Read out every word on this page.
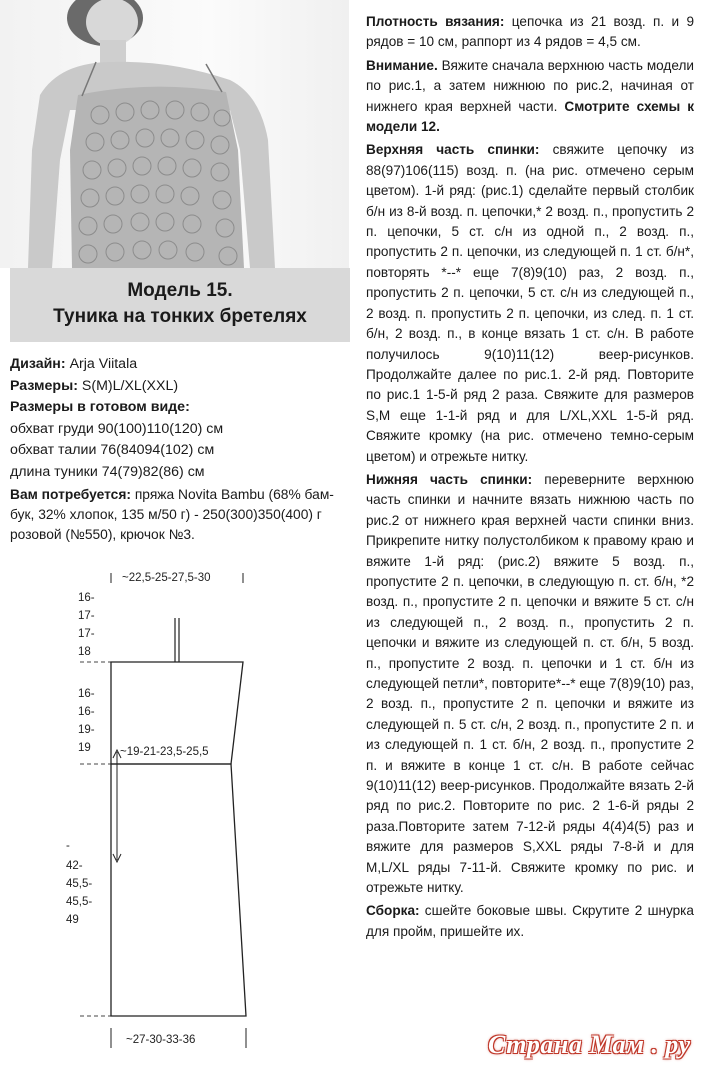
Модель 15.
Туника на тонких бретелях
Дизайн: Arja Viitala
Размеры: S(M)L/XL(XXL)
Размеры в готовом виде:
обхват груди 90(100)110(120) см
обхват талии 76(84094(102) см
длина туники 74(79)82(86) см
Вам потребуется: пряжа Novita Bambu (68% бам-
бук, 32% хлопок, 135 м/50 г) - 250(300)350(400) г
розовой (№550), крючок №3.
~22,5-25-27,5-30
16-
17-
17-
18
16-
16-
19-
19	~19-21-23,5-25,5
-
42-
45,5-
45,5-
49
~27-30-33-36

Плотность вязания: цепочка из 21 возд. п. и 9 рядов = 10 см, раппорт из 4 рядов = 4,5 см.

Внимание. Вяжите сначала верхнюю часть модели по рис.1, а затем нижнюю по рис.2, начиная от нижнего края верхней части. Смотрите схемы к модели 12.

Верхняя часть спинки: свяжите цепочку из 88(97)106(115) возд. п. (на рис. отмечено серым цветом). 1-й ряд: (рис.1) сделайте первый столбик б/н из 8-й возд. п. цепочки,* 2 возд. п., пропустить 2 п. цепочки, 5 ст. с/н из одной п., 2 возд. п., пропустить 2 п. цепочки, из следующей п. 1 ст. б/н*, повторять *--* еще 7(8)9(10) раз, 2 возд. п., пропустить 2 п. цепочки, 5 ст. с/н из следующей п., 2 возд. п. пропустить 2 п. цепочки, из след. п. 1 ст. б/н, 2 возд. п., в конце вязать 1 ст. с/н. В работе получилось 9(10)11(12) веер-рисунков. Продолжайте далее по рис.1. 2-й ряд. Повторите по рис.1 1-5-й ряд 2 раза. Свяжите для размеров S,M еще 1-1-й ряд и для L/XL,XXL 1-5-й ряд. Свяжите кромку (на рис. отмечено темно-серым цветом) и отрежьте нитку.

Нижняя часть спинки: переверните верхнюю часть спинки и начните вязать нижнюю часть по рис.2 от нижнего края верхней части спинки вниз. Прикрепите нитку полустолбиком к правому краю и вяжите 1-й ряд: (рис.2) вяжите 5 возд. п., пропустите 2 п. цепочки, в следующую п. ст. б/н, *2 возд. п., пропустите 2 п. цепочки и вяжите 5 ст. с/н из следующей п., 2 возд. п., пропустить 2 п. цепочки и вяжите из следующей п. ст. б/н, 5 возд. п., пропустите 2 возд. п. цепочки и 1 ст. б/н из следующей петли*, повторите*--* еще 7(8)9(10) раз, 2 возд. п., пропустите 2 п. цепочки и вяжите из следующей п. 5 ст. с/н, 2 возд. п., пропустите 2 п. и из следующей п. 1 ст. б/н, 2 возд. п., пропустите 2 п. и вяжите в конце 1 ст. с/н. В работе сейчас 9(10)11(12) веер-рисунков. Продолжайте вязать 2-й ряд по рис.2. Повторите по рис. 2 1-6-й ряды 2 раза.Повторите затем 7-12-й ряды 4(4)4(5) раз и вяжите для размеров S,XXL ряды 7-8-й и для M,L/XL ряды 7-11-й. Свяжите кромку по рис. и отрежьте нитку.

Сборка: сшейте боковые швы. Скрутите 2 шнурка для пройм, пришейте их.

Страна Мам . ру
